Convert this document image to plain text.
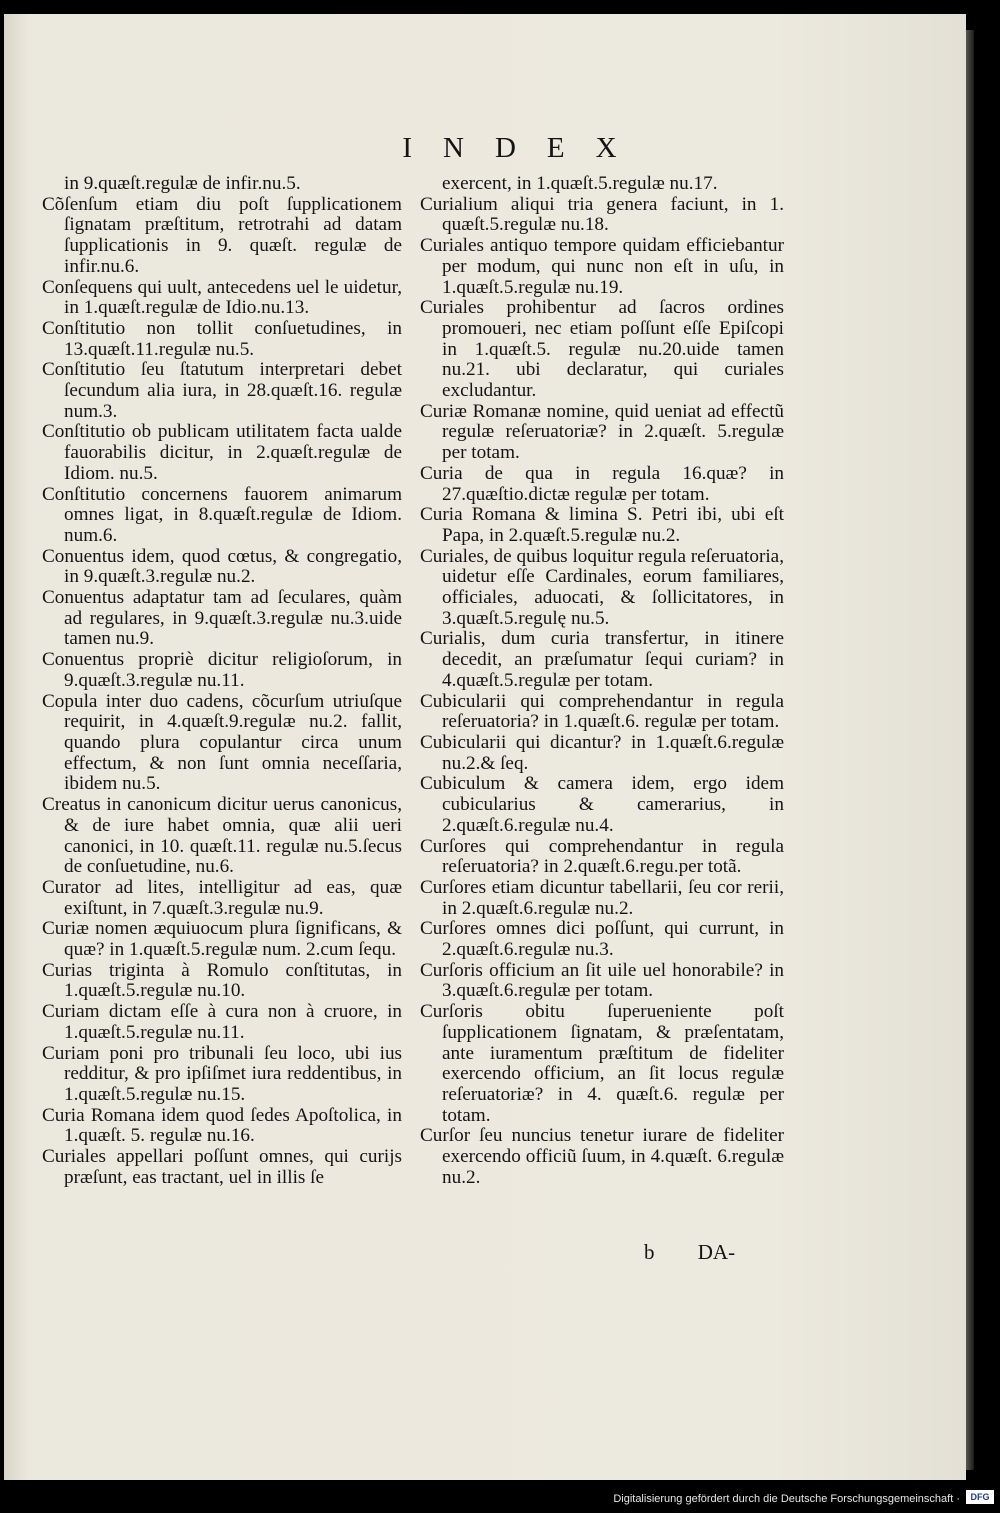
INDEX

in 9.quæſt.regulæ de infir.nu.5.

Cõſenſum etiam diu poſt ſupplicationem ſignatam præſtitum, retrotrahi ad datam ſupplicationis in 9. quæſt. regulæ de infir.nu.6.

Conſequens qui uult, antecedens uel le uidetur, in 1.quæſt.regulæ de Idio.nu.13.

Conſtitutio non tollit conſuetudines, in 13.quæſt.11.regulæ nu.5.

Conſtitutio ſeu ſtatutum interpretari debet ſecundum alia iura, in 28.quæſt.16. regulæ num.3.

Conſtitutio ob publicam utilitatem facta ualde fauorabilis dicitur, in 2.quæſt.regulæ de Idiom. nu.5.

Conſtitutio concernens fauorem animarum omnes ligat, in 8.quæſt.regulæ de Idiom. num.6.

Conuentus idem, quod cœtus, & congregatio, in 9.quæſt.3.regulæ nu.2.

Conuentus adaptatur tam ad ſeculares, quàm ad regulares, in 9.quæſt.3.regulæ nu.3.uide tamen nu.9.

Conuentus propriè dicitur religioſorum, in 9.quæſt.3.regulæ nu.11.

Copula inter duo cadens, cõcurſum utriuſque requirit, in 4.quæſt.9.regulæ nu.2. fallit, quando plura copulantur circa unum effectum, & non ſunt omnia neceſſaria, ibidem nu.5.

Creatus in canonicum dicitur uerus canonicus, & de iure habet omnia, quæ alii ueri canonici, in 10. quæſt.11. regulæ nu.5.ſecus de conſuetudine, nu.6.

Curator ad lites, intelligitur ad eas, quæ exiſtunt, in 7.quæſt.3.regulæ nu.9.

Curiæ nomen æquiuocum plura ſignificans, & quæ? in 1.quæſt.5.regulæ num. 2.cum ſequ.

Curias triginta à Romulo conſtitutas, in 1.quæſt.5.regulæ nu.10.

Curiam dictam eſſe à cura non à cruore, in 1.quæſt.5.regulæ nu.11.

Curiam poni pro tribunali ſeu loco, ubi ius redditur, & pro ipſiſmet iura reddentibus, in 1.quæſt.5.regulæ nu.15.

Curia Romana idem quod ſedes Apoſtolica, in 1.quæſt. 5. regulæ nu.16.

Curiales appellari poſſunt omnes, qui curijs præſunt, eas tractant, uel in illis ſe

exercent, in 1.quæſt.5.regulæ nu.17.

Curialium aliqui tria genera faciunt, in 1. quæſt.5.regulæ nu.18.

Curiales antiquo tempore quidam efficiebantur per modum, qui nunc non eſt in uſu, in 1.quæſt.5.regulæ nu.19.

Curiales prohibentur ad ſacros ordines promoueri, nec etiam poſſunt eſſe Epiſcopi in 1.quæſt.5. regulæ nu.20.uide tamen nu.21. ubi declaratur, qui curiales excludantur.

Curiæ Romanæ nomine, quid ueniat ad effectũ regulæ reſeruatoriæ? in 2.quæſt. 5.regulæ per totam.

Curia de qua in regula 16.quæ? in 27.quæſtio.dictæ regulæ per totam.

Curia Romana & limina S. Petri ibi, ubi eſt Papa, in 2.quæſt.5.regulæ nu.2.

Curiales, de quibus loquitur regula reſeruatoria, uidetur eſſe Cardinales, eorum familiares, officiales, aduocati, & ſollicitatores, in 3.quæſt.5.regulę nu.5.

Curialis, dum curia transfertur, in itinere decedit, an præſumatur ſequi curiam? in 4.quæſt.5.regulæ per totam.

Cubicularii qui comprehendantur in regula reſeruatoria? in 1.quæſt.6. regulæ per totam.

Cubicularii qui dicantur? in 1.quæſt.6.regulæ nu.2.& ſeq.

Cubiculum & camera idem, ergo idem cubicularius & camerarius, in 2.quæſt.6.regulæ nu.4.

Curſores qui comprehendantur in regula reſeruatoria? in 2.quæſt.6.regu.per totã.

Curſores etiam dicuntur tabellarii, ſeu cor rerii, in 2.quæſt.6.regulæ nu.2.

Curſores omnes dici poſſunt, qui currunt, in 2.quæſt.6.regulæ nu.3.

Curſoris officium an ſit uile uel honorabile? in 3.quæſt.6.regulæ per totam.

Curſoris obitu ſuperueniente poſt ſupplicationem ſignatam, & præſentatam, ante iuramentum præſtitum de fideliter exercendo officium, an ſit locus regulæ reſeruatoriæ? in 4. quæſt.6. regulæ per totam.

Curſor ſeu nuncius tenetur iurare de fideliter exercendo officiũ ſuum, in 4.quæſt. 6.regulæ nu.2.

b DA-
Digitalisierung gefördert durch die Deutsche Forschungsgemeinschaft ·	DFG
